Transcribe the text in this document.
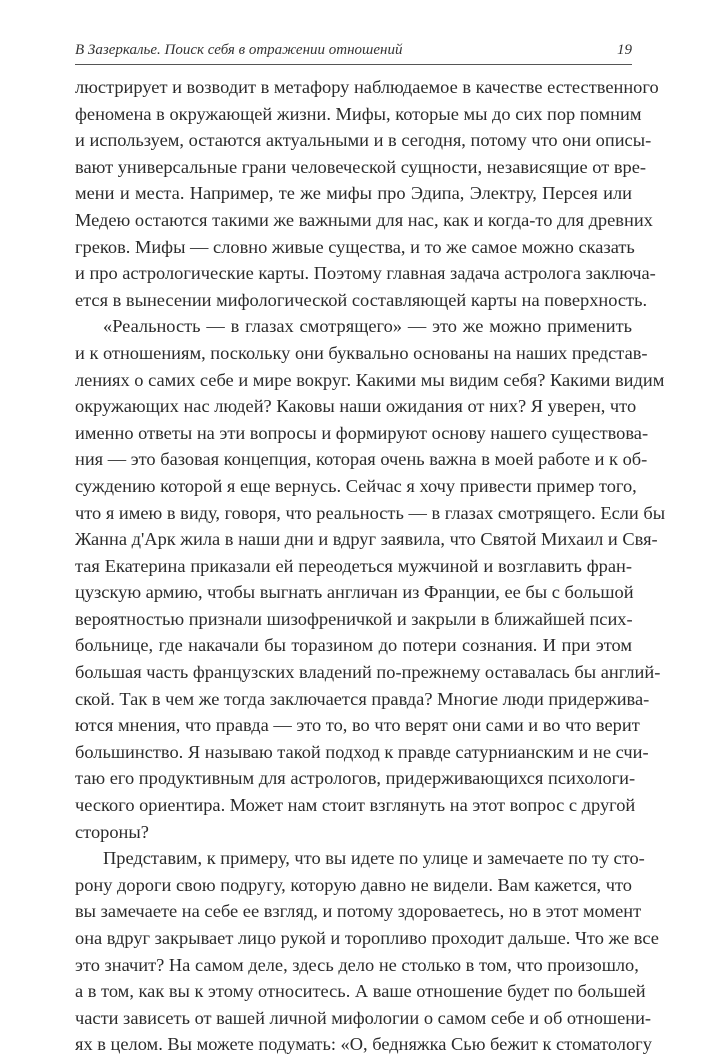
В Зазеркалье. Поиск себя в отражении отношений	19
люстрирует и возводит в метафору наблюдаемое в качестве естественного
феномена в окружающей жизни. Мифы, которые мы до сих пор помним
и используем, остаются актуальными и в сегодня, потому что они описы-
вают универсальные грани человеческой сущности, независящие от вре-
мени и места. Например, те же мифы про Эдипа, Электру, Персея или
Медею остаются такими же важными для нас, как и когда-то для древних
греков. Мифы — словно живые существа, и то же самое можно сказать
и про астрологические карты. Поэтому главная задача астролога заключа-
ется в вынесении мифологической составляющей карты на поверхность.
«Реальность — в глазах смотрящего» — это же можно применить
и к отношениям, поскольку они буквально основаны на наших представ-
лениях о самих себе и мире вокруг. Какими мы видим себя? Какими видим
окружающих нас людей? Каковы наши ожидания от них? Я уверен, что
именно ответы на эти вопросы и формируют основу нашего существова-
ния — это базовая концепция, которая очень важна в моей работе и к об-
суждению которой я еще вернусь. Сейчас я хочу привести пример того,
что я имею в виду, говоря, что реальность — в глазах смотрящего. Если бы
Жанна д'Арк жила в наши дни и вдруг заявила, что Святой Михаил и Свя-
тая Екатерина приказали ей переодеться мужчиной и возглавить фран-
цузскую армию, чтобы выгнать англичан из Франции, ее бы с большой
вероятностью признали шизофреничкой и закрыли в ближайшей псих-
больнице, где накачали бы торазином до потери сознания. И при этом
большая часть французских владений по-прежнему оставалась бы англий-
ской. Так в чем же тогда заключается правда? Многие люди придержива-
ются мнения, что правда — это то, во что верят они сами и во что верит
большинство. Я называю такой подход к правде сатурнианским и не счи-
таю его продуктивным для астрологов, придерживающихся психологи-
ческого ориентира. Может нам стоит взглянуть на этот вопрос с другой
стороны?
Представим, к примеру, что вы идете по улице и замечаете по ту сто-
рону дороги свою подругу, которую давно не видели. Вам кажется, что
вы замечаете на себе ее взгляд, и потому здороваетесь, но в этот момент
она вдруг закрывает лицо рукой и торопливо проходит дальше. Что же все
это значит? На самом деле, здесь дело не столько в том, что произошло,
а в том, как вы к этому относитесь. А ваше отношение будет по большей
части зависеть от вашей личной мифологии о самом себе и об отношени-
ях в целом. Вы можете подумать: «О, бедняжка Сью бежит к стоматологу
